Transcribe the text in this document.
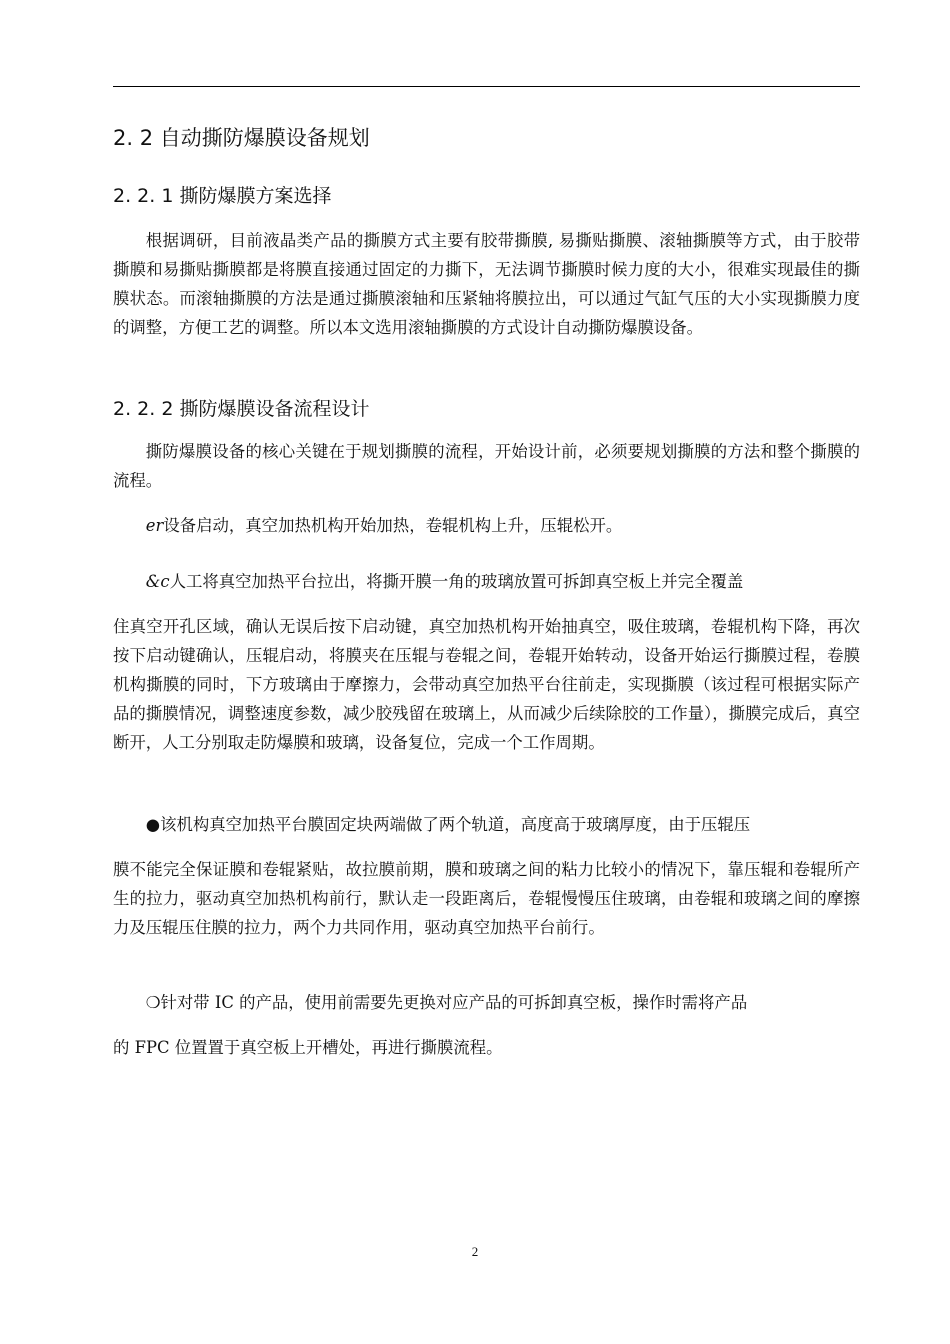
2. 2 自动撕防爆膜设备规划
2. 2. 1 撕防爆膜方案选择
根据调研，目前液晶类产品的撕膜方式主要有胶带撕膜, 易撕贴撕膜、滚轴撕膜等方式，由于胶带撕膜和易撕贴撕膜都是将膜直接通过固定的力撕下，无法调节撕膜时候力度的大小，很难实现最佳的撕膜状态。而滚轴撕膜的方法是通过撕膜滚轴和压紧轴将膜拉出，可以通过气缸气压的大小实现撕膜力度的调整，方便工艺的调整。所以本文选用滚轴撕膜的方式设计自动撕防爆膜设备。
2. 2. 2 撕防爆膜设备流程设计
撕防爆膜设备的核心关键在于规划撕膜的流程，开始设计前，必须要规划撕膜的方法和整个撕膜的流程。
er设备启动，真空加热机构开始加热，卷辊机构上升，压辊松开。
&c人工将真空加热平台拉出，将撕开膜一角的玻璃放置可拆卸真空板上并完全覆盖
住真空开孔区域，确认无误后按下启动键，真空加热机构开始抽真空，吸住玻璃，卷辊机构下降，再次按下启动键确认，压辊启动，将膜夹在压辊与卷辊之间，卷辊开始转动，设备开始运行撕膜过程，卷膜机构撕膜的同时，下方玻璃由于摩擦力，会带动真空加热平台往前走，实现撕膜（该过程可根据实际产品的撕膜情况，调整速度参数，减少胶残留在玻璃上，从而减少后续除胶的工作量），撕膜完成后，真空断开，人工分别取走防爆膜和玻璃，设备复位，完成一个工作周期。
●该机构真空加热平台膜固定块两端做了两个轨道，高度高于玻璃厚度，由于压辊压
膜不能完全保证膜和卷辊紧贴，故拉膜前期，膜和玻璃之间的粘力比较小的情况下，靠压辊和卷辊所产生的拉力，驱动真空加热机构前行，默认走一段距离后，卷辊慢慢压住玻璃，由卷辊和玻璃之间的摩擦力及压辊压住膜的拉力，两个力共同作用，驱动真空加热平台前行。
❍针对带 IC 的产品，使用前需要先更换对应产品的可拆卸真空板，操作时需将产品
的 FPC 位置置于真空板上开槽处，再进行撕膜流程。
2
